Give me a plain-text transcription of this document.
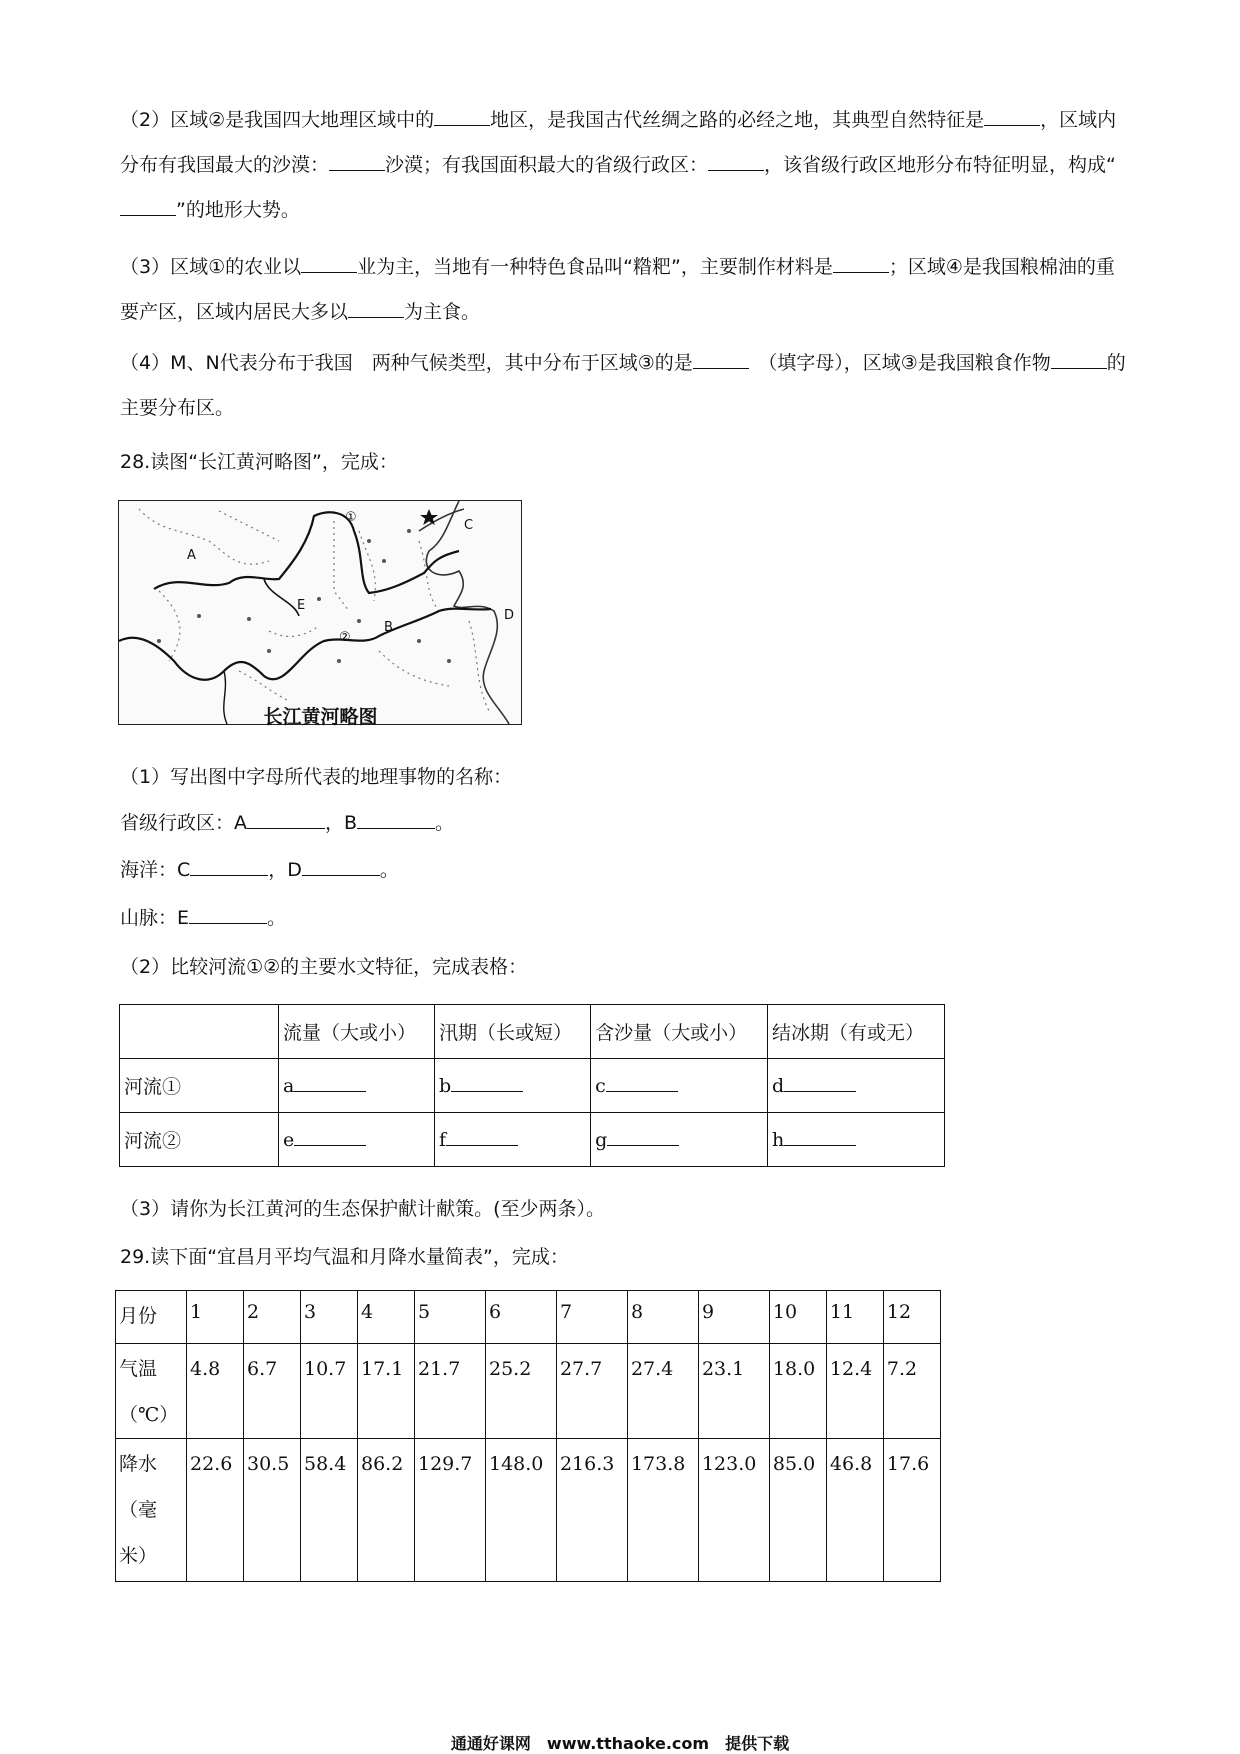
（2）区域②是我国四大地理区域中的	地区，是我国古代丝绸之路的必经之地，其典型自然特征是	，区域内分布有我国最大的沙漠：	沙漠；有我国面积最大的省级行政区：	，该省级行政区地形分布特征明显，构成“”的地形大势。

（3）区域①的农业以	业为主，当地有一种特色食品叫“糌粑”，主要制作材料是	；区域④是我国粮棉油的重要产区，区域内居民大多以	为主食。

（4）M、N代表分布于我国　两种气候类型，其中分布于区域③的是	　（填字母），区域③是我国粮食作物	的主要分布区。

28.读图“长江黄河略图”，完成：

①
②
A
B
C
D
E
长江黄河略图

（1）写出图中字母所代表的地理事物的名称：

省级行政区：A	，B	。

海洋：C	，D	。

山脉：E	。

（2）比较河流①②的主要水文特征，完成表格：

	流量（大或小）	汛期（长或短）	含沙量（大或小）	结冰期（有或无）
河流①	a	b	c	d
河流②	e	f	g	h

（3）请你为长江黄河的生态保护献计献策。(至少两条）。

29.读下面“宜昌月平均气温和月降水量简表”，完成：

月份	1	2	3	4	5	6	7	8	9	10	11	12
气温
（℃）	4.8	6.7	10.7	17.1	21.7	25.2	27.7	27.4	23.1	18.0	12.4	7.2
降水
（毫
米）	22.6	30.5	58.4	86.2	129.7	148.0	216.3	173.8	123.0	85.0	46.8	17.6
通通好课网　www.tthaoke.com　提供下载
